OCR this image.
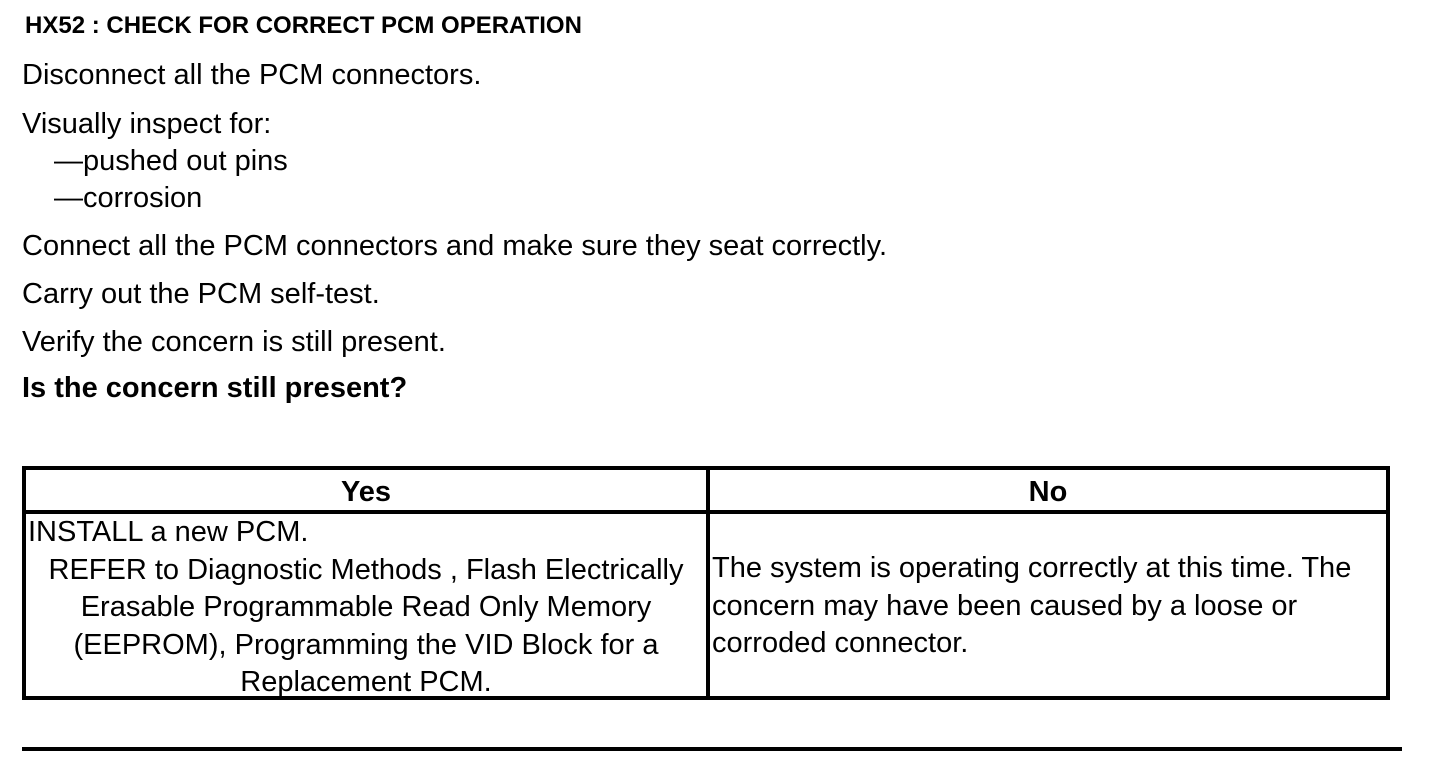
HX52 : CHECK FOR CORRECT PCM OPERATION
Disconnect all the PCM connectors.
Visually inspect for:
—pushed out pins
—corrosion
Connect all the PCM connectors and make sure they seat correctly.
Carry out the PCM self-test.
Verify the concern is still present.
Is the concern still present?
Yes	No
INSTALL a new PCM.
REFER to Diagnostic Methods , Flash Electrically Erasable Programmable Read Only Memory (EEPROM), Programming the VID Block for a Replacement PCM.
The system is operating correctly at this time. The concern may have been caused by a loose or corroded connector.
